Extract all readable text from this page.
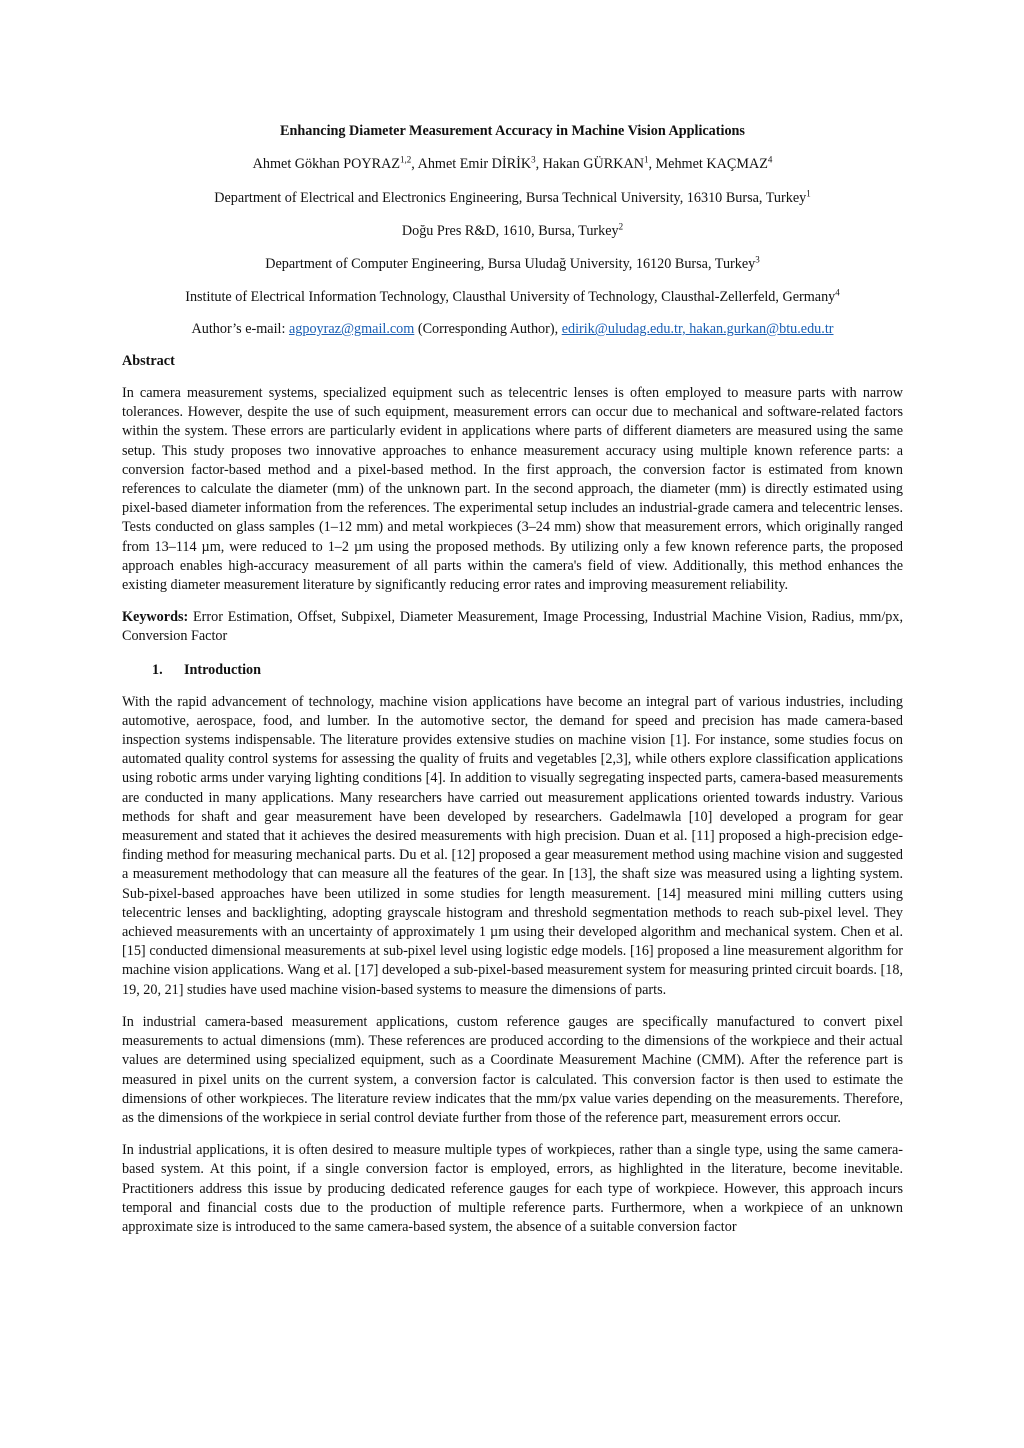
Enhancing Diameter Measurement Accuracy in Machine Vision Applications
Ahmet Gökhan POYRAZ$^{1,2}$, Ahmet Emir DİRİK$^3$, Hakan GÜRKAN$^1$, Mehmet KAÇMAZ$^4$
Department of Electrical and Electronics Engineering, Bursa Technical University, 16310 Bursa, Turkey$^1$
Doğu Pres R&D, 1610, Bursa, Turkey$^2$
Department of Computer Engineering, Bursa Uludağ University, 16120 Bursa, Turkey$^3$
Institute of Electrical Information Technology, Clausthal University of Technology, Clausthal-Zellerfeld, Germany$^4$
Author’s e-mail: agpoyraz@gmail.com (Corresponding Author), edirik@uludag.edu.tr, hakan.gurkan@btu.edu.tr
Abstract

In camera measurement systems, specialized equipment such as telecentric lenses is often employed to measure parts with narrow tolerances. However, despite the use of such equipment, measurement errors can occur due to mechanical and software-related factors within the system. These errors are particularly evident in applications where parts of different diameters are measured using the same setup. This study proposes two innovative approaches to enhance measurement accuracy using multiple known reference parts: a conversion factor-based method and a pixel-based method. In the first approach, the conversion factor is estimated from known references to calculate the diameter (mm) of the unknown part. In the second approach, the diameter (mm) is directly estimated using pixel-based diameter information from the references. The experimental setup includes an industrial-grade camera and telecentric lenses. Tests conducted on glass samples (1–12 mm) and metal workpieces (3–24 mm) show that measurement errors, which originally ranged from 13–114 µm, were reduced to 1–2 µm using the proposed methods. By utilizing only a few known reference parts, the proposed approach enables high-accuracy measurement of all parts within the camera's field of view. Additionally, this method enhances the existing diameter measurement literature by significantly reducing error rates and improving measurement reliability.

Keywords: Error Estimation, Offset, Subpixel, Diameter Measurement, Image Processing, Industrial Machine Vision, Radius, mm/px, Conversion Factor

1. Introduction

With the rapid advancement of technology, machine vision applications have become an integral part of various industries, including automotive, aerospace, food, and lumber. In the automotive sector, the demand for speed and precision has made camera-based inspection systems indispensable. The literature provides extensive studies on machine vision [1]. For instance, some studies focus on automated quality control systems for assessing the quality of fruits and vegetables [2,3], while others explore classification applications using robotic arms under varying lighting conditions [4]. In addition to visually segregating inspected parts, camera-based measurements are conducted in many applications. Many researchers have carried out measurement applications oriented towards industry. Various methods for shaft and gear measurement have been developed by researchers. Gadelmawla [10] developed a program for gear measurement and stated that it achieves the desired measurements with high precision. Duan et al. [11] proposed a high-precision edge-finding method for measuring mechanical parts. Du et al. [12] proposed a gear measurement method using machine vision and suggested a measurement methodology that can measure all the features of the gear. In [13], the shaft size was measured using a lighting system. Sub-pixel-based approaches have been utilized in some studies for length measurement. [14] measured mini milling cutters using telecentric lenses and backlighting, adopting grayscale histogram and threshold segmentation methods to reach sub-pixel level. They achieved measurements with an uncertainty of approximately 1 µm using their developed algorithm and mechanical system. Chen et al. [15] conducted dimensional measurements at sub-pixel level using logistic edge models. [16] proposed a line measurement algorithm for machine vision applications. Wang et al. [17] developed a sub-pixel-based measurement system for measuring printed circuit boards. [18, 19, 20, 21] studies have used machine vision-based systems to measure the dimensions of parts.

In industrial camera-based measurement applications, custom reference gauges are specifically manufactured to convert pixel measurements to actual dimensions (mm). These references are produced according to the dimensions of the workpiece and their actual values are determined using specialized equipment, such as a Coordinate Measurement Machine (CMM). After the reference part is measured in pixel units on the current system, a conversion factor is calculated. This conversion factor is then used to estimate the dimensions of other workpieces. The literature review indicates that the mm/px value varies depending on the measurements. Therefore, as the dimensions of the workpiece in serial control deviate further from those of the reference part, measurement errors occur.

In industrial applications, it is often desired to measure multiple types of workpieces, rather than a single type, using the same camera-based system. At this point, if a single conversion factor is employed, errors, as highlighted in the literature, become inevitable. Practitioners address this issue by producing dedicated reference gauges for each type of workpiece. However, this approach incurs temporal and financial costs due to the production of multiple reference parts. Furthermore, when a workpiece of an unknown approximate size is introduced to the same camera-based system, the absence of a suitable conversion factor
